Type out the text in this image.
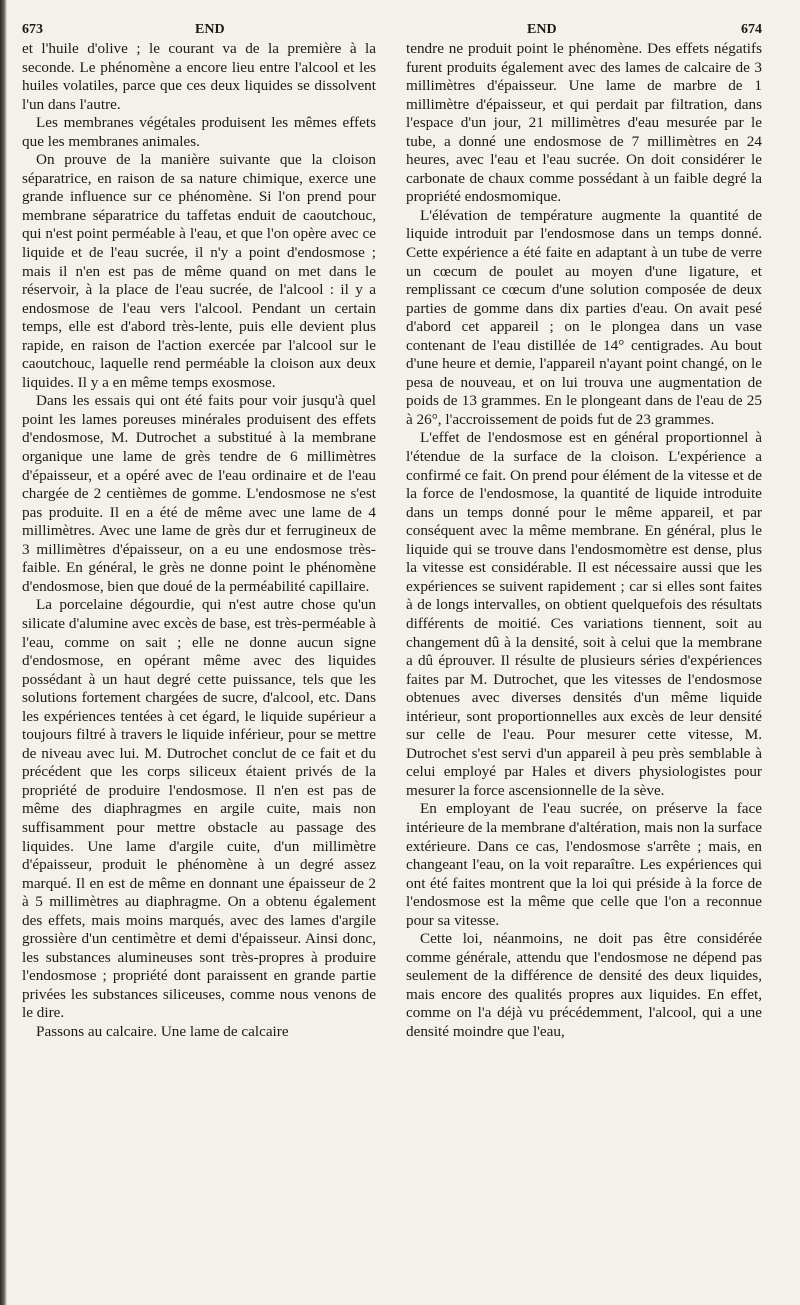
673	END	END	674

et l'huile d'olive ; le courant va de la première à la seconde. Le phénomène a encore lieu entre l'alcool et les huiles volatiles, parce que ces deux liquides se dissolvent l'un dans l'autre.

Les membranes végétales produisent les mêmes effets que les membranes animales.

On prouve de la manière suivante que la cloison séparatrice, en raison de sa nature chimique, exerce une grande influence sur ce phénomène. Si l'on prend pour membrane séparatrice du taffetas enduit de caoutchouc, qui n'est point perméable à l'eau, et que l'on opère avec ce liquide et de l'eau sucrée, il n'y a point d'endosmose ; mais il n'en est pas de même quand on met dans le réservoir, à la place de l'eau sucrée, de l'alcool : il y a endosmose de l'eau vers l'alcool. Pendant un certain temps, elle est d'abord très-lente, puis elle devient plus rapide, en raison de l'action exercée par l'alcool sur le caoutchouc, laquelle rend perméable la cloison aux deux liquides. Il y a en même temps exosmose.

Dans les essais qui ont été faits pour voir jusqu'à quel point les lames poreuses minérales produisent des effets d'endosmose, M. Dutrochet a substitué à la membrane organique une lame de grès tendre de 6 millimètres d'épaisseur, et a opéré avec de l'eau ordinaire et de l'eau chargée de 2 centièmes de gomme. L'endosmose ne s'est pas produite. Il en a été de même avec une lame de 4 millimètres. Avec une lame de grès dur et ferrugineux de 3 millimètres d'épaisseur, on a eu une endosmose très-faible. En général, le grès ne donne point le phénomène d'endosmose, bien que doué de la perméabilité capillaire.

La porcelaine dégourdie, qui n'est autre chose qu'un silicate d'alumine avec excès de base, est très-perméable à l'eau, comme on sait ; elle ne donne aucun signe d'endosmose, en opérant même avec des liquides possédant à un haut degré cette puissance, tels que les solutions fortement chargées de sucre, d'alcool, etc. Dans les expériences tentées à cet égard, le liquide supérieur a toujours filtré à travers le liquide inférieur, pour se mettre de niveau avec lui. M. Dutrochet conclut de ce fait et du précédent que les corps siliceux étaient privés de la propriété de produire l'endosmose. Il n'en est pas de même des diaphragmes en argile cuite, mais non suffisamment pour mettre obstacle au passage des liquides. Une lame d'argile cuite, d'un millimètre d'épaisseur, produit le phénomène à un degré assez marqué. Il en est de même en donnant une épaisseur de 2 à 5 millimètres au diaphragme. On a obtenu également des effets, mais moins marqués, avec des lames d'argile grossière d'un centimètre et demi d'épaisseur. Ainsi donc, les substances alumineuses sont très-propres à produire l'endosmose ; propriété dont paraissent en grande partie privées les substances siliceuses, comme nous venons de le dire.

Passons au calcaire. Une lame de calcaire

tendre ne produit point le phénomène. Des effets négatifs furent produits également avec des lames de calcaire de 3 millimètres d'épaisseur. Une lame de marbre de 1 millimètre d'épaisseur, et qui perdait par filtration, dans l'espace d'un jour, 21 millimètres d'eau mesurée par le tube, a donné une endosmose de 7 millimètres en 24 heures, avec l'eau et l'eau sucrée. On doit considérer le carbonate de chaux comme possédant à un faible degré la propriété endosmomique.

L'élévation de température augmente la quantité de liquide introduit par l'endosmose dans un temps donné. Cette expérience a été faite en adaptant à un tube de verre un cœcum de poulet au moyen d'une ligature, et remplissant ce cœcum d'une solution composée de deux parties de gomme dans dix parties d'eau. On avait pesé d'abord cet appareil ; on le plongea dans un vase contenant de l'eau distillée de 14° centigrades. Au bout d'une heure et demie, l'appareil n'ayant point changé, on le pesa de nouveau, et on lui trouva une augmentation de poids de 13 grammes. En le plongeant dans de l'eau de 25 à 26°, l'accroissement de poids fut de 23 grammes.

L'effet de l'endosmose est en général proportionnel à l'étendue de la surface de la cloison. L'expérience a confirmé ce fait. On prend pour élément de la vitesse et de la force de l'endosmose, la quantité de liquide introduite dans un temps donné pour le même appareil, et par conséquent avec la même membrane. En général, plus le liquide qui se trouve dans l'endosmomètre est dense, plus la vitesse est considérable. Il est nécessaire aussi que les expériences se suivent rapidement ; car si elles sont faites à de longs intervalles, on obtient quelquefois des résultats différents de moitié. Ces variations tiennent, soit au changement dû à la densité, soit à celui que la membrane a dû éprouver. Il résulte de plusieurs séries d'expériences faites par M. Dutrochet, que les vitesses de l'endosmose obtenues avec diverses densités d'un même liquide intérieur, sont proportionnelles aux excès de leur densité sur celle de l'eau. Pour mesurer cette vitesse, M. Dutrochet s'est servi d'un appareil à peu près semblable à celui employé par Hales et divers physiologistes pour mesurer la force ascensionnelle de la sève.

En employant de l'eau sucrée, on préserve la face intérieure de la membrane d'altération, mais non la surface extérieure. Dans ce cas, l'endosmose s'arrête ; mais, en changeant l'eau, on la voit reparaître. Les expériences qui ont été faites montrent que la loi qui préside à la force de l'endosmose est la même que celle que l'on a reconnue pour sa vitesse.

Cette loi, néanmoins, ne doit pas être considérée comme générale, attendu que l'endosmose ne dépend pas seulement de la différence de densité des deux liquides, mais encore des qualités propres aux liquides. En effet, comme on l'a déjà vu précédemment, l'alcool, qui a une densité moindre que l'eau,
